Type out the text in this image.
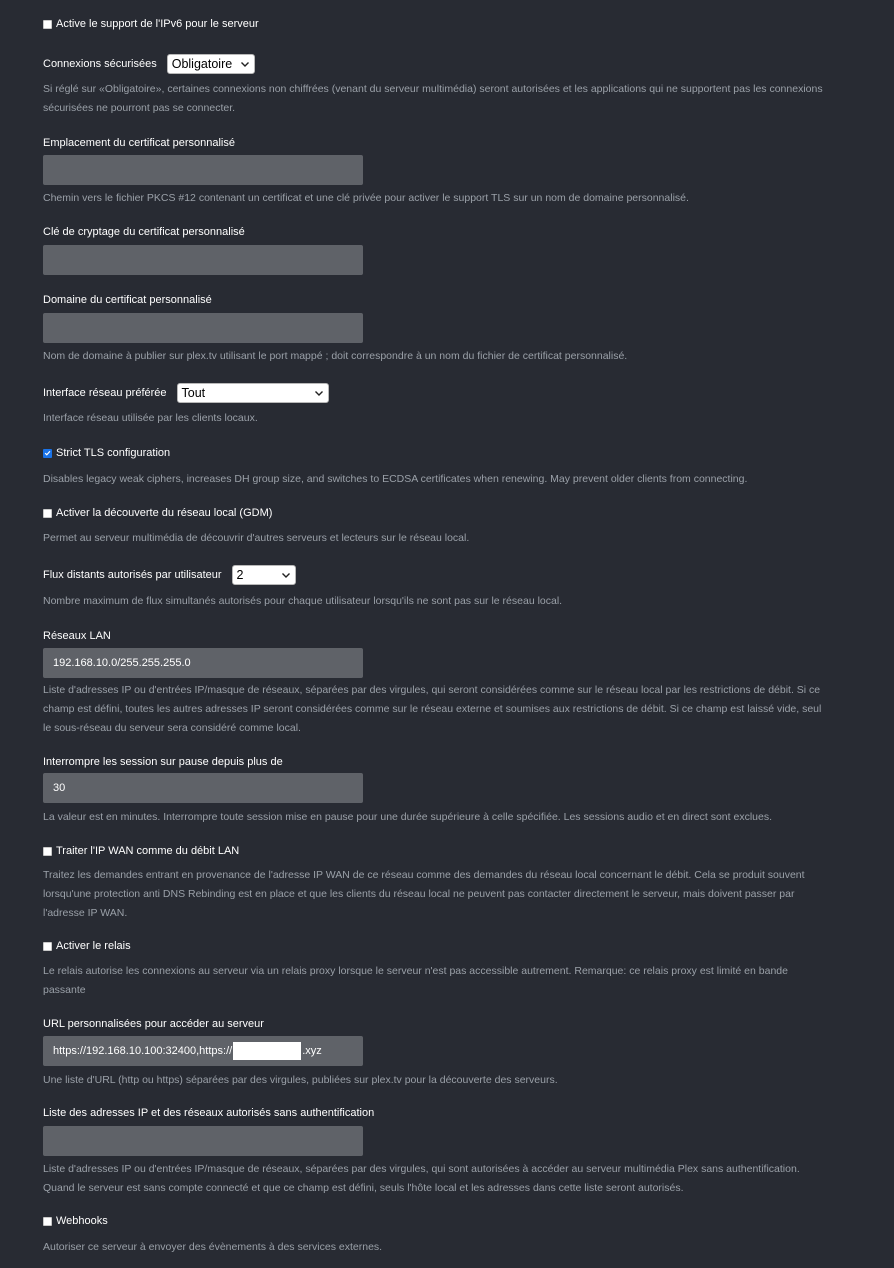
Active le support de l'IPv6 pour le serveur
Connexions sécurisées Obligatoire
Si réglé sur «Obligatoire», certaines connexions non chiffrées (venant du serveur multimédia) seront autorisées et les applications qui ne supportent pas les connexions sécurisées ne pourront pas se connecter.
Emplacement du certificat personnalisé
Chemin vers le fichier PKCS #12 contenant un certificat et une clé privée pour activer le support TLS sur un nom de domaine personnalisé.
Clé de cryptage du certificat personnalisé
Domaine du certificat personnalisé
Nom de domaine à publier sur plex.tv utilisant le port mappé ; doit correspondre à un nom du fichier de certificat personnalisé.
Interface réseau préférée Tout
Interface réseau utilisée par les clients locaux.
Strict TLS configuration
Disables legacy weak ciphers, increases DH group size, and switches to ECDSA certificates when renewing. May prevent older clients from connecting.
Activer la découverte du réseau local (GDM)
Permet au serveur multimédia de découvrir d'autres serveurs et lecteurs sur le réseau local.
Flux distants autorisés par utilisateur 2
Nombre maximum de flux simultanés autorisés pour chaque utilisateur lorsqu'ils ne sont pas sur le réseau local.
Réseaux LAN
192.168.10.0/255.255.255.0
Liste d'adresses IP ou d'entrées IP/masque de réseaux, séparées par des virgules, qui seront considérées comme sur le réseau local par les restrictions de débit. Si ce champ est défini, toutes les autres adresses IP seront considérées comme sur le réseau externe et soumises aux restrictions de débit. Si ce champ est laissé vide, seul le sous-réseau du serveur sera considéré comme local.
Interrompre les session sur pause depuis plus de
30
La valeur est en minutes. Interrompre toute session mise en pause pour une durée supérieure à celle spécifiée. Les sessions audio et en direct sont exclues.
Traiter l'IP WAN comme du débit LAN
Traitez les demandes entrant en provenance de l'adresse IP WAN de ce réseau comme des demandes du réseau local concernant le débit. Cela se produit souvent lorsqu'une protection anti DNS Rebinding est en place et que les clients du réseau local ne peuvent pas contacter directement le serveur, mais doivent passer par l'adresse IP WAN.
Activer le relais
Le relais autorise les connexions au serveur via un relais proxy lorsque le serveur n'est pas accessible autrement. Remarque: ce relais proxy est limité en bande passante
URL personnalisées pour accéder au serveur
https://192.168.10.100:32400,https://	.xyz
Une liste d'URL (http ou https) séparées par des virgules, publiées sur plex.tv pour la découverte des serveurs.
Liste des adresses IP et des réseaux autorisés sans authentification
Liste d'adresses IP ou d'entrées IP/masque de réseaux, séparées par des virgules, qui sont autorisées à accéder au serveur multimédia Plex sans authentification. Quand le serveur est sans compte connecté et que ce champ est défini, seuls l'hôte local et les adresses dans cette liste seront autorisés.
Webhooks
Autoriser ce serveur à envoyer des évènements à des services externes.
